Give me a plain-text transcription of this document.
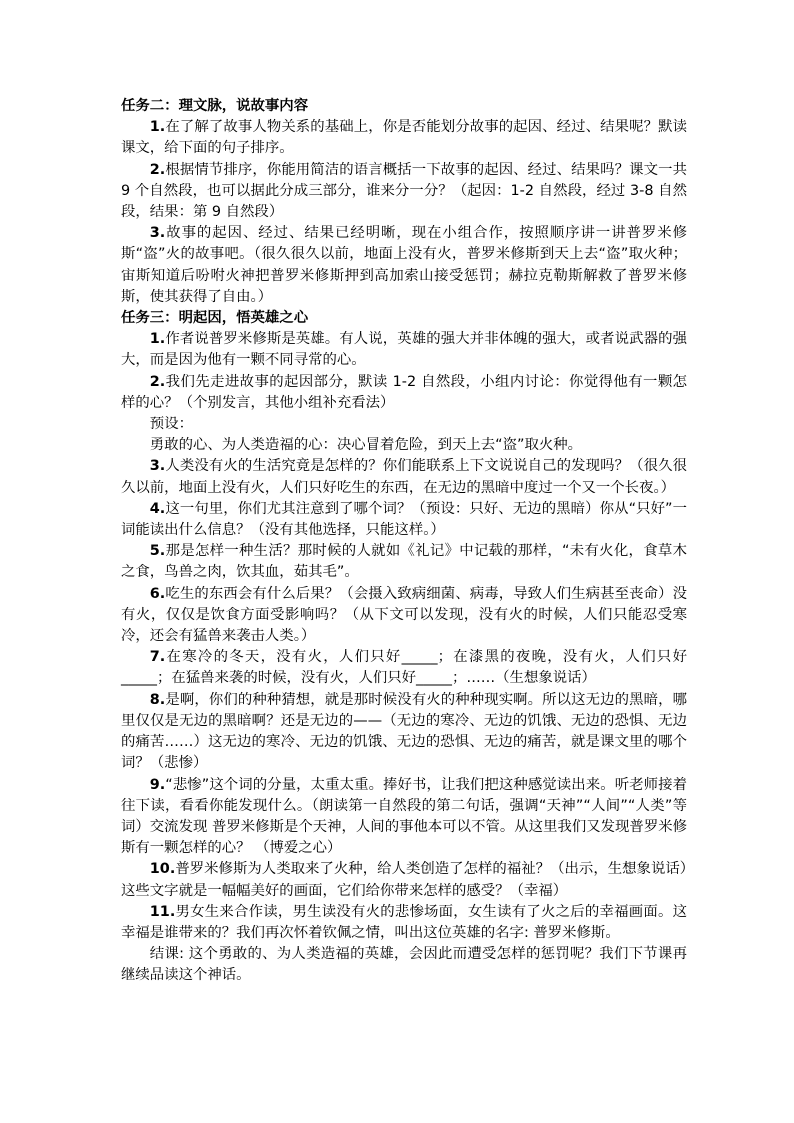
任务二：理文脉，说故事内容

1.在了解了故事人物关系的基础上，你是否能划分故事的起因、经过、结果呢？默读课文，给下面的句子排序。

2.根据情节排序，你能用简洁的语言概括一下故事的起因、经过、结果吗？课文一共 9 个自然段，也可以据此分成三部分，谁来分一分？（起因：1-2 自然段，经过 3-8 自然段，结果：第 9 自然段）

3.故事的起因、经过、结果已经明晰，现在小组合作，按照顺序讲一讲普罗米修斯“盗”火的故事吧。（很久很久以前，地面上没有火，普罗米修斯到天上去“盗”取火种；宙斯知道后吩咐火神把普罗米修斯押到高加索山接受惩罚；赫拉克勒斯解救了普罗米修斯，使其获得了自由。）

任务三：明起因，悟英雄之心

1.作者说普罗米修斯是英雄。有人说，英雄的强大并非体魄的强大，或者说武器的强大，而是因为他有一颗不同寻常的心。

2.我们先走进故事的起因部分，默读 1-2 自然段，小组内讨论：你觉得他有一颗怎样的心？（个别发言，其他小组补充看法）

预设：

勇敢的心、为人类造福的心：决心冒着危险，到天上去“盗”取火种。

3.人类没有火的生活究竟是怎样的？你们能联系上下文说说自己的发现吗？（很久很久以前，地面上没有火，人们只好吃生的东西，在无边的黑暗中度过一个又一个长夜。）

4.这一句里，你们尤其注意到了哪个词？（预设：只好、无边的黑暗）你从“只好”一词能读出什么信息？（没有其他选择，只能这样。）

5.那是怎样一种生活？那时候的人就如《礼记》中记载的那样，“未有火化，食草木之食，鸟兽之肉，饮其血，茹其毛”。

6.吃生的东西会有什么后果？（会摄入致病细菌、病毒，导致人们生病甚至丧命）没有火，仅仅是饮食方面受影响吗？（从下文可以发现，没有火的时候，人们只能忍受寒冷，还会有猛兽来袭击人类。）

7.在寒冷的冬天，没有火，人们只好_____；在漆黑的夜晚，没有火，人们只好_____；在猛兽来袭的时候，没有火，人们只好_____；……（生想象说话）

8.是啊，你们的种种猜想，就是那时候没有火的种种现实啊。所以这无边的黑暗，哪里仅仅是无边的黑暗啊？还是无边的——（无边的寒冷、无边的饥饿、无边的恐惧、无边的痛苦……）这无边的寒冷、无边的饥饿、无边的恐惧、无边的痛苦，就是课文里的哪个词？（悲惨）

9.“悲惨”这个词的分量，太重太重。捧好书，让我们把这种感觉读出来。听老师接着往下读，看看你能发现什么。（朗读第一自然段的第二句话，强调“天神”“人间”“人类”等词）交流发现 普罗米修斯是个天神，人间的事他本可以不管。从这里我们又发现普罗米修斯有一颗怎样的心？ （博爱之心）

10.普罗米修斯为人类取来了火种，给人类创造了怎样的福祉？（出示，生想象说话）这些文字就是一幅幅美好的画面，它们给你带来怎样的感受？（幸福）

11.男女生来合作读，男生读没有火的悲惨场面，女生读有了火之后的幸福画面。这幸福是谁带来的？我们再次怀着钦佩之情，叫出这位英雄的名字: 普罗米修斯。

结课: 这个勇敢的、为人类造福的英雄，会因此而遭受怎样的惩罚呢？我们下节课再继续品读这个神话。
